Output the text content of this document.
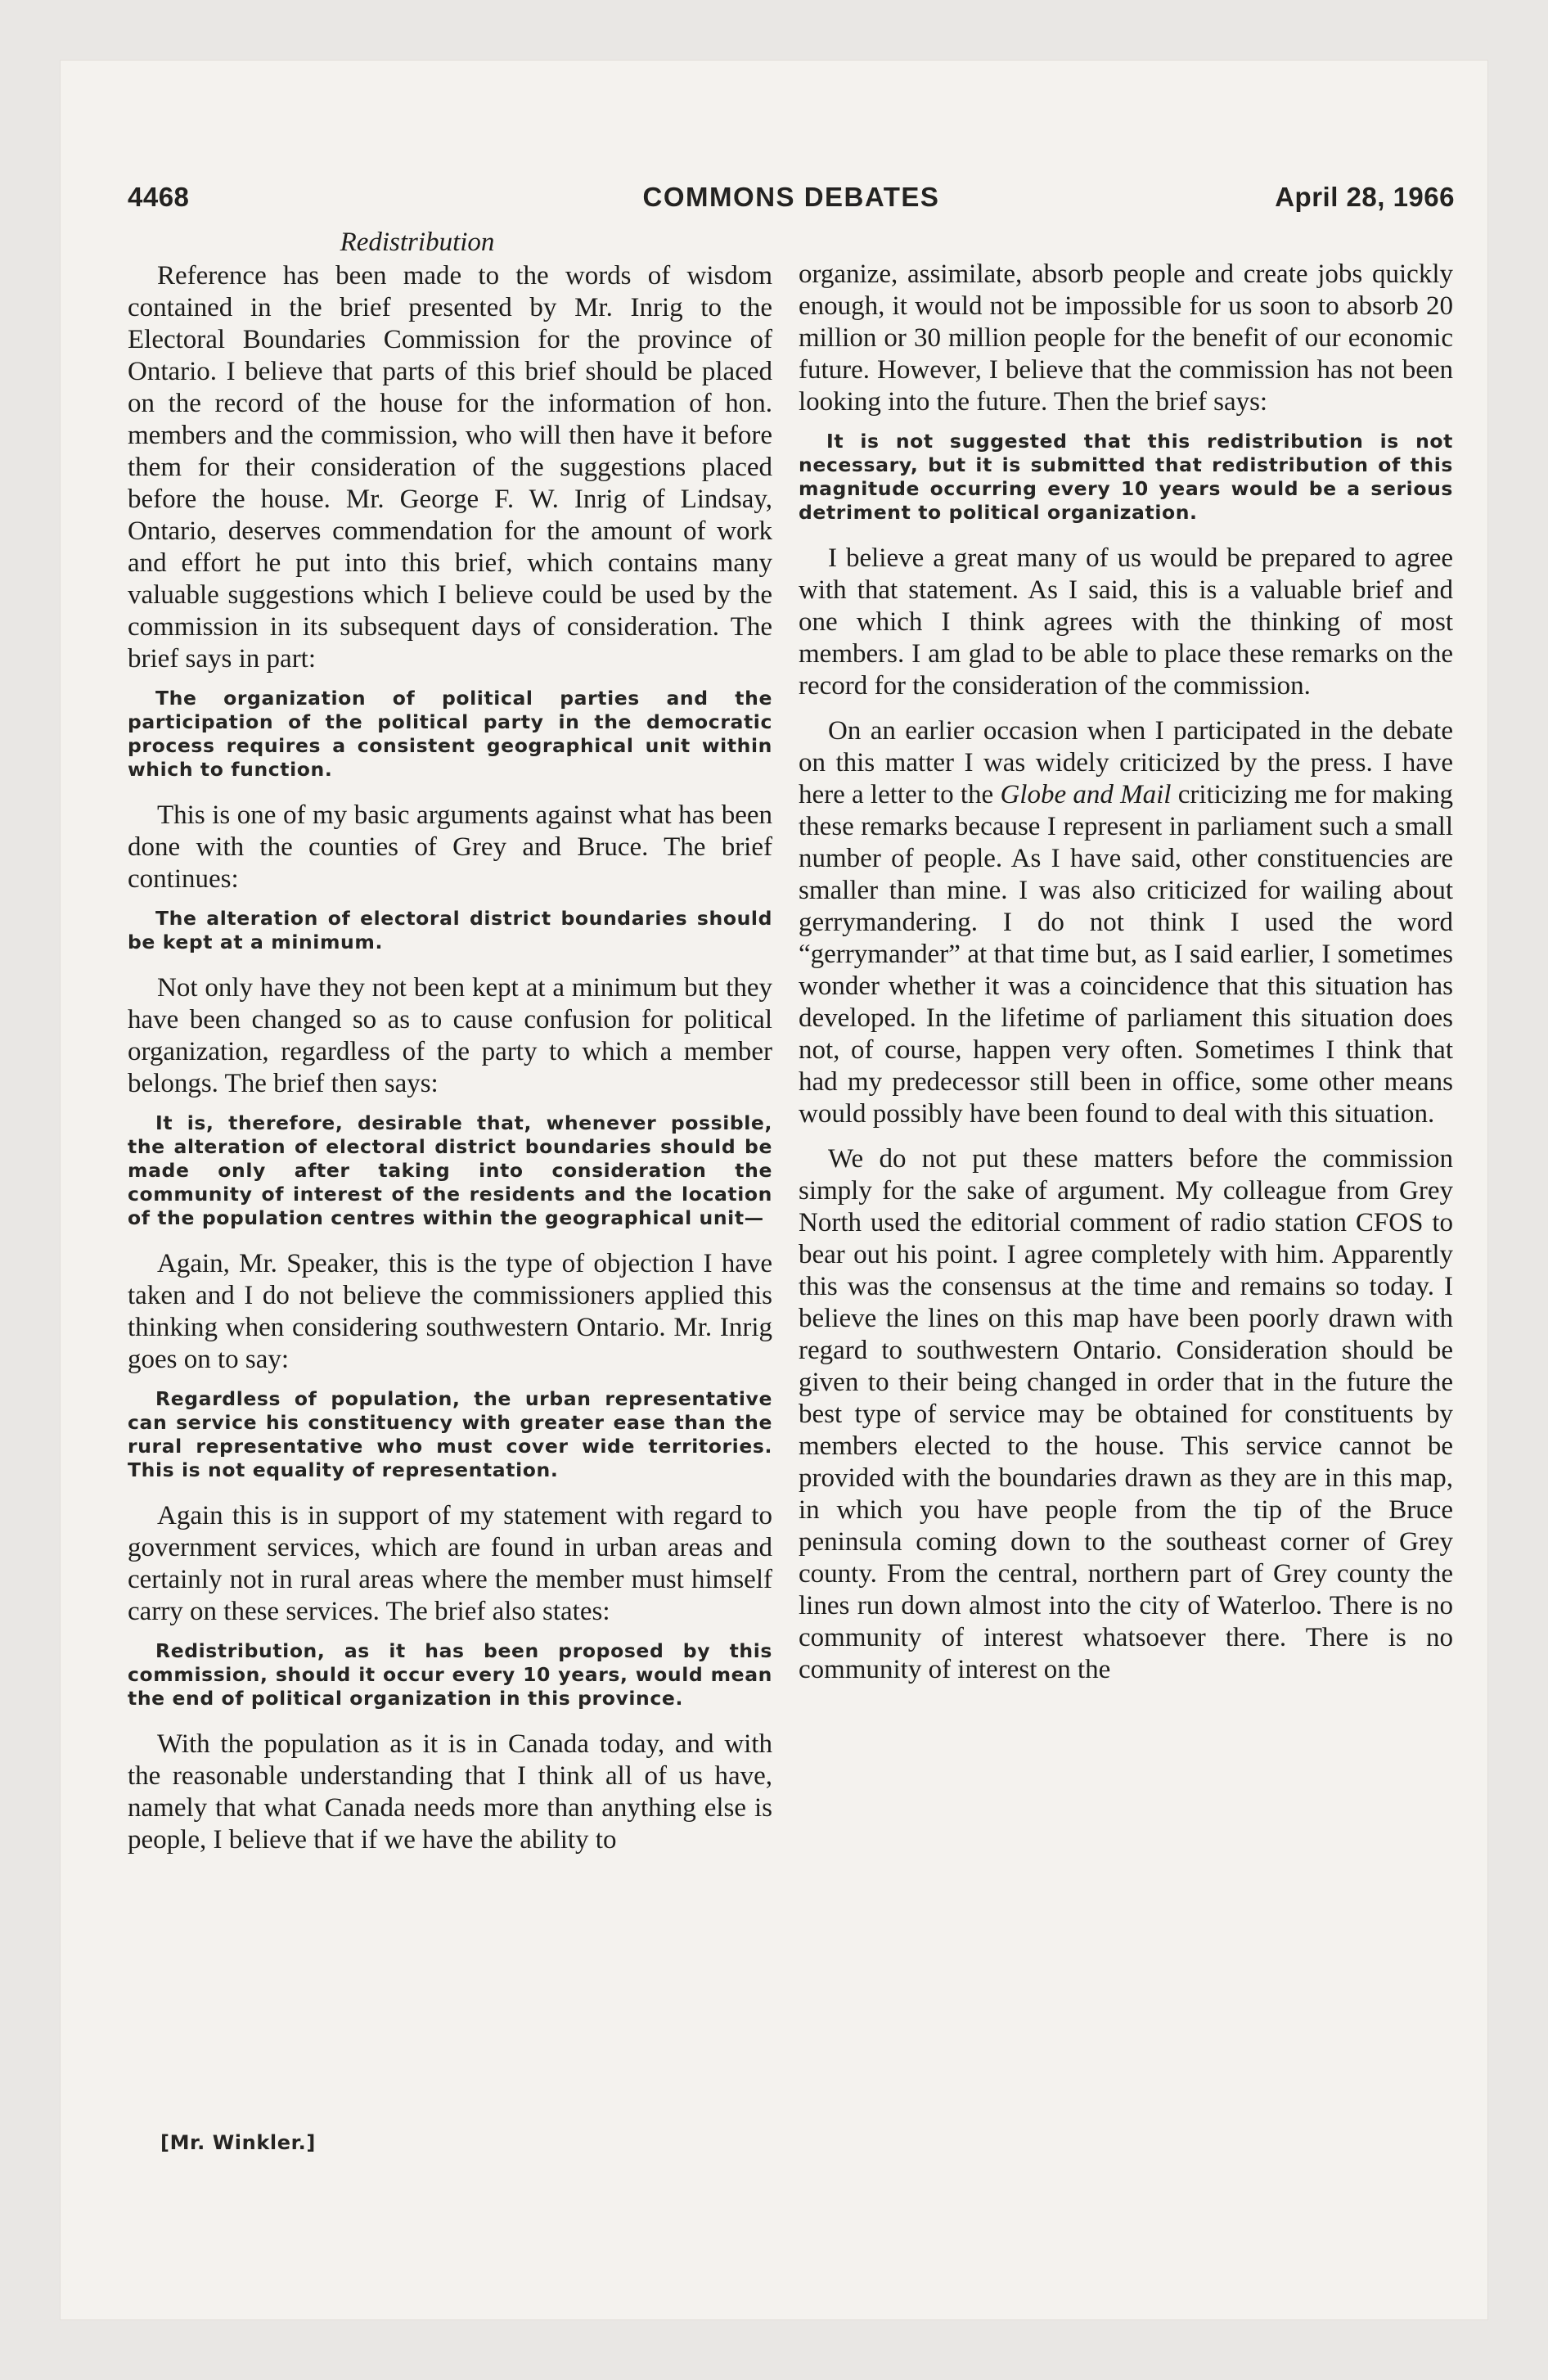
4468	COMMONS DEBATES	April 28, 1966
Redistribution

Reference has been made to the words of wisdom contained in the brief presented by Mr. Inrig to the Electoral Boundaries Commission for the province of Ontario. I believe that parts of this brief should be placed on the record of the house for the information of hon. members and the commission, who will then have it before them for their consideration of the suggestions placed before the house. Mr. George F. W. Inrig of Lindsay, Ontario, deserves commendation for the amount of work and effort he put into this brief, which contains many valuable suggestions which I believe could be used by the commission in its subsequent days of consideration. The brief says in part:

The organization of political parties and the participation of the political party in the democratic process requires a consistent geographical unit within which to function.

This is one of my basic arguments against what has been done with the counties of Grey and Bruce. The brief continues:

The alteration of electoral district boundaries should be kept at a minimum.

Not only have they not been kept at a minimum but they have been changed so as to cause confusion for political organization, regardless of the party to which a member belongs. The brief then says:

It is, therefore, desirable that, whenever possible, the alteration of electoral district boundaries should be made only after taking into consideration the community of interest of the residents and the location of the population centres within the geographical unit—

Again, Mr. Speaker, this is the type of objection I have taken and I do not believe the commissioners applied this thinking when considering southwestern Ontario. Mr. Inrig goes on to say:

Regardless of population, the urban representative can service his constituency with greater ease than the rural representative who must cover wide territories. This is not equality of representation.

Again this is in support of my statement with regard to government services, which are found in urban areas and certainly not in rural areas where the member must himself carry on these services. The brief also states:

Redistribution, as it has been proposed by this commission, should it occur every 10 years, would mean the end of political organization in this province.

With the population as it is in Canada today, and with the reasonable understanding that I think all of us have, namely that what Canada needs more than anything else is people, I believe that if we have the ability to

[Mr. Winkler.]

organize, assimilate, absorb people and create jobs quickly enough, it would not be impossible for us soon to absorb 20 million or 30 million people for the benefit of our economic future. However, I believe that the commission has not been looking into the future. Then the brief says:

It is not suggested that this redistribution is not necessary, but it is submitted that redistribution of this magnitude occurring every 10 years would be a serious detriment to political organization.

I believe a great many of us would be prepared to agree with that statement. As I said, this is a valuable brief and one which I think agrees with the thinking of most members. I am glad to be able to place these remarks on the record for the consideration of the commission.

On an earlier occasion when I participated in the debate on this matter I was widely criticized by the press. I have here a letter to the Globe and Mail criticizing me for making these remarks because I represent in parliament such a small number of people. As I have said, other constituencies are smaller than mine. I was also criticized for wailing about gerrymandering. I do not think I used the word “gerrymander” at that time but, as I said earlier, I sometimes wonder whether it was a coincidence that this situation has developed. In the lifetime of parliament this situation does not, of course, happen very often. Sometimes I think that had my predecessor still been in office, some other means would possibly have been found to deal with this situation.

We do not put these matters before the commission simply for the sake of argument. My colleague from Grey North used the editorial comment of radio station CFOS to bear out his point. I agree completely with him. Apparently this was the consensus at the time and remains so today. I believe the lines on this map have been poorly drawn with regard to southwestern Ontario. Consideration should be given to their being changed in order that in the future the best type of service may be obtained for constituents by members elected to the house. This service cannot be provided with the boundaries drawn as they are in this map, in which you have people from the tip of the Bruce peninsula coming down to the southeast corner of Grey county. From the central, northern part of Grey county the lines run down almost into the city of Waterloo. There is no community of interest whatsoever there. There is no community of interest on the
